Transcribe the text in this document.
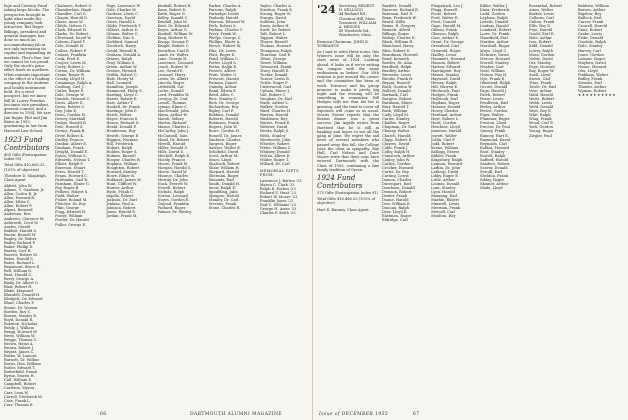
lege and Century Fund taking large blocks. The prospectus brought in light what made the young company look attractive. But Roger Billings, president and general manager, has done so much an accommodating job in our only increasing its capital and expanding its markets. That's fine, but we cannot be too proud. Only the stock's price effect leads us nowhere. What remains important is the effect of a leading company in the uniform and health instrument field. It's a vivid prospect, but we know Bill W. Lowry Prentiss becomes vice president, general counsel, and a director in 1954. We saw Jim Roger, Phil and Jim Bates in 1955, graduating in law from Harvard Law School.
1923 Fund Contributors
404 Gifts (Participation Index 95)
Total Gifts $10,680.32 (101% of objective)
Theodore D. Shapleigh, Class Agent
Abbott, John W.
Adams, C. Gardner, Jr.
Allen, Carlos B. Jr.
Allen, Howard B.
Allen, Miles C.
Allen, Robert P.
Alpert, Bernard
Andersen, Eric
Andrews, Clarence M.
Ashworth, Cecil W.
Austin, Gerald
Babbitt, Harold S.
Bacon, Russell W.
Bagley, Dr. Walter
Bailey, Richard P.
Baker, Phillip D.
Barber, Carl H.
Barrett, Robert M.
Bates, Harold S.
Bates, Richard L.
Beaumont, Bruce E.
Bell, William N.
Bent, Harold C.
Berry, George A.
Bixby, Dr. Albert G.
Blair, Robert H.
Blake, Maynard
Blaisdell, Donald H.
Blodgett, Dr. Edward
Blunt, Charles F.
Boone, Dr. Weston
Borden, Roy C.
Bowen, Stanley E.
Boyd, Donald R.
Boynton, Nicholas
Brady, J. William
Bragg, Howard W.
Bretz, William W.
Briggs, Thomas C.
Brown, Heins A.
Brown, Robert J.
Bryant, James C.
Burke, W. Lamont
Burnett, Dr. Wilbur
Burns, Hon. William
Butler, Edward T.
Butterfield, Frank
Byrne, Morris H.
Call, William E.
Campbell, Robert
Carleton, Myron
Carr, Leon W.
Carroll, Frederick M.
Case, Frank L.
Cary, Thomas E.
Chalmers, Robert O.
Chamberlain, Hugh
Chandler, Carl G.
Chapin, Harold D.
Chase, Anne W.
Childs, Nelson G.
Clark, Edward H.
Clarke, Dr. Robert
Cleveland, David W.
Coburn, David T.
Cole, Donald W.
Collins, Robert P.
Conant, Franklin
Cook, Fred E.
Cooper, Lewis M.
Corey, Robert L.
Cotton, Dr. William
Crane, Roger W.
Crosby, Lloyd H.
Cummings, Ralph A.
Cushing, Carl J.
Cutler, Roger E.
Dale, George W.
Daniels, Howard C.
Davis, Albert E.
Davis, Robert G.
Day, John E.
Dean, Gordon H.
Dewey, Marshall
Dodge, Harold R.
Dole, Russell S.
Downs, Frank B.
Drew, Robert K.
Dudley, Francis
Dunbar, Albert E.
Dunham, Frank
Dwight, Donald E.
Eaton, William S.
Edwards, Nelson T.
Elliott, Ralph P.
Emerson, Stuart
Estes, Harold T.
Evans, Howard C.
Fairbanks, Carl R.
Farnham, Elmer G.
Fay, Roger B.
Fellows, Robert S.
Field, Walter
Fisher, Roland M.
Fletcher, Dr. Roy
Flint, George
Fogg, Edward H.
Foster, William
Fowler, Dr. Harold
Fuller, George E.
Page, Lawrence W.
Gale, Charles W.
Gardner, Lewis C.
Garrison, David
Gates, Harold L.
Gibbs, Frederick T.
Gilbert, Arthur D.
Gilman, Walter C.
Glidden, Eric S.
Goddard, Samuel
Goodrich, Harry
Gould, Russell B.
Graham, Donald A.
Graves, Ralph
Gray, William S.
Green, Arthur W.
Greene, Howard
Griffin, Robert C.
Hale, Henry M.
Hall, Leonard
Hamilton, Joseph
Hammond, Philip S.
Harding, Lloyd C.
Harris, Robert E.
Hart, Arthur T.
Haskell, Dr. Frank
Hastings, John P.
Hatch, Walter
Hayes, Francis S.
Hazen, Richard D.
Heald, Donald P.
Henderson, Roy
Hewitt, George E.
Higgins, Norman
Hill, Frederick
Hobart, Ralph
Holden, Roger S.
Holmes, Russell
Hooper, Charles B.
Hopkins, William
Houghton, Robert
Howard, Stanley
Howe, Elmer R.
Hubbard, James M.
Hunt, Clifford W.
Hunter, Arthur
Hyde, Frank C.
Ingalls, Robert
Jackson, Dr. Earl
Jenkins, Paul A.
Johnson, Robert
Jones, Harold E.
Jordan, Frank M.
Kimball, Robert H.
Kane, Robert D.
Keith, Roger N.
Kelley, Donald C.
Kendall, John M.
Kent, Dr. Edward
Keyes, Arthur G.
Kimball, William W.
King, Herbert R.
Knapp, George P.
Knight, Robert C.
Knowlton, Carl R.
Lamb, Dr. Walter
Lane, George H.
Lawrence, Leonard
Leach, Robert W.
Lee, Gerald E.
Leonard, Harry
Lewis, Dr. Albert
Lincoln, Roger
Littlefield, Cal
Locke, Donald
Lord, Franklin W.
Lovejoy, Dr. Carl
Lowell, Thomas
Lyman, Elmer C.
MacDonald, John
Mann, Arthur W.
Marsh, Sidney
Martin, Richard
Mason, Charles L.
McCarthy, John J.
McConnell, Sam
Mead, Dr. Robert
Merrill, Harold
Miller, Donald G.
Mills, David D.
Mitchell, Ralph E.
Moody, Francis
Moore, Frank W.
Morgan, Harold S.
Morse, David W.
Munroe, Charles
Murray, Dr. John
Nash, Everett W.
Newell, Robert
Nichols, Ralph
Norton, Leonard
Noyes, Gordon E.
Osgood, Franklin
Packard, Roger
Palmer, Dr. Wesley
Parker, Charles A.
Parsons, Ralph
Partridge, Leslie
Peabody, Harold
Pearson, Edward W.
Peck, Robert S.
Perkins, Charles T.
Perry, Frank W.
Phelps, George C.
Phillips, Elmer A.
Pierce, Hubert W.
Pike, Dr. Lewis
Platt, Roger E.
Pond, William C.
Porter, Lloyd S.
Potter, Ralph E.
Powers, Albert
Pratt, Walter G.
Prescott, Harold
Putnam, Daniel
Quimby, Arthur
Rand, Edwin E.
Reed, Allen C.
Rice, Stanley C.
Rich, Dr. George
Richardson, Roy
Ripley, Carl P.
Robbins, Donald
Roberts, Harold
Robinson, Frank
Rogers, John W.
Rowe, Gordon H.
Russell, Dr. James
Sanborn, Charles
Sargent, Roger
Sawyer, Walter E.
Schofield, David
Scott, Arthur M.
Sears, Lloyd
Shattuck, Robert
Shaw, William H.
Shepard, Harold
Sherman, Roger
Simonds, Earl
Smith, Donald H.
Snow, Ralph E.
Spaulding, John
Sprague, Harold
Stanley, Dr. Carl
Stevens, Frank
Stone, Charles R.
Taylor, Charles A.
Stratton, Frank E.
Strong, Roger W.
Sturgis, David
Sullivan, John
Swan, Arthur H.
Swift, Dr. Robert
Taft, Robert L.
Tappan, Walter
Thayer, Russell
Thomas, Howard
Thompson, Ralph
Thurston, Carl E.
Tilton, George
Tower, William
Townsend, Frank
Tracy, Harold E.
Tucker, Donald
Turner, Lewis B.
Tuttle, Roger P.
Underwood, Carl
Upham, Elmer J.
Vail, Robert C.
Vaughan, Dr. Earl
Wade, Arthur L.
Walker, Gordon
Ward, Charles H.
Warren, Harold
Washburn, Roy
Waters, Frank E.
Webster, David
Weeks, Ralph S.
Wells, Stanley
Wentworth, John
Wheeler, Robert
White, William C.
Whitney, Donald
Wilcox, Albert E.
Wilder, Roger T.
Willard, Dr. Carl
MEMORIAL GIFTS FROM:
Lawrence J. Barton '23
Myron C. Clark '23
Ralph E. Forbes '23
Richard S. Hunt '23
Robert W. Moore '23
Franklin Jones '23
Earl C. Williams '23
George H. Ames '23
Charles F. Keith '23
66	DARTMOUTH ALUMNI MAGAZINE
'24 Secretary, ERNEST H. KELLOGG
44 Rutland Rd., Chestnut Hill, Mass.
Treasurer, WILLIAM A. HEDGES
49 Woodside Rd., Winchester, Mass.
Reunion Chairman, JOHN K. TORRANCE
As I said to write these notes, this Winter's issue will be only the class news of 1924. Looking ahead, it looks as if we're setting the campus with the same enthusiasm as before. Our 35th reunion is just around the corner and the committee has been at work. Torrance and his group promise to make it pretty big night and the evening will be something to remember. Bill Hedges tells me that his list is growing, and the fund to cover all expenses will come in as usual. Morris Sterne reports that the Boston dinner was a great success. Jim Ingalls writes from Hartford that he is still in banking and hopes to see all the gang in June. We regret the sad news of several members who passed away this fall; the College joins the class in sympathy. Ray Hall, Carl Nelson and Dave Moore write that their sons have entered Dartmouth with the Class of 1959, continuing a fine family tradition of Green.
1924 Fund Contributors
375 Gifts (Participation Index 91)
Total Gifts $16,486.53 (105% of objective)
Hart E. Ranney, Class Agent
Bartlett, Donald
Barrows, Richard R.
Bateman, Earl D.
Bean, Frederick W.
Beard, Willis
Bemis, R. Gregory
Bennett, Alfred
Billings, Roger
Bishop, Charles E.
Black, William H.
Blanchard, Harry
Bliss, Robert D.
Boardman, Howard
Bond, Kenneth
Bowles, Dr. Alan
Bradford, Ralph
Bradley, Arthur
Brewster, Lewis
Brooks, Frank H.
Bryant, Russell
Buck, Gordon W.
Bullard, Donald
Burbank, Carl
Burgess, Robert
Burnham, Elmer
Burr, Harold T.
Bush, William
Cady, Lloyd M.
Carter, Stanley
Chaffee, Roger
Chapman, Dr. Earl
Cheney, Walter
Church, Harold
Clapp, Robert E.
Cleaves, David
Cobb, Frank J.
Colby, Ralph H.
Comstock, Arthur
Conley, John W.
Corliss, Gordon
Crocker, Howard
Curtis, Dr. Roy
Cutting, Lewis
Damon, Charles
Davenport, Earl
Dearborn, Donald
Denison, Robert
Dexter, Frank
Doane, Harold
Dow, William E.
Duncan, Ralph
Dyer, Lloyd E.
Eastman, Roger
Eldridge, Carl
Fitzpatrick, Leo J.
Flagg, Russell
Foote, Robert
Ford, Walter E.
Frost, Donald
Gage, Harold M.
Gibson, Frank
Gleason, Ralph
Goss, Arthur E.
Grant, Dr. George
Greenleaf, Carl
Griswold, Roger
Hadley, Lewis
Hammett, Howard
Hanson, Robert
Harlow, Edward
Harrington, Roy
Hawes, Stanley
Hayward, David
Hersey, Ralph
Hill, Warren E.
Hitchcock, Paul
Hodges, Frank
Holbrook, Earl
Hopkins, Roger
Hosmer, Donald
Hovey, Charles
Howland, Arthur
Hoyt, Robert L.
Hurd, Gordon
Hutchins, Lloyd
Jameson, Harold
Jewett, Walter
Joslin, Carl P.
Judd, Robert
Keene, William
Kellogg, Ernest
Kidder, Frank
Kingsbury, Ralph
Lamson, Howard
Larkin, Dr. John
Lathrop, David
Libby, Roger E.
Little, Arthur
Loomis, Donald
Lunt, Stanley
Lyon, Harold
Manning, Earl
Marble, Robert
Maxwell, Lewis
Merriam, Frank
Metcalf, Carl
Moulton, Roy
Kibbe, Walter J.
Knox, Frederick
Ladd, Gordon
Lapham, Ralph
Leavitt, Donald
Lindsay, Harold
Lombard, Robert
Lowe, Dr. Frank
Mansfield, Earl
Marden, Arthur
Marshall, Roger
Mayo, Lloyd C.
McIntire, David
Mercer, Howard
Morrill, Stanley
Mosher, Carl
Neal, William
Nelson, Roy H.
Nye, Frank E.
Olmstead, Ralph
Orcutt, Donald
Page, Harold J.
Patch, Robert
Pease, Lewis
Pendleton, Earl
Perley, Arthur
Pettee, Gordon
Piper, Walter
Plummer, Roger
Preston, Lloyd
Proctor, Dr. Paul
Quincy, Frank
Ranney, Hart E.
Raymond, David
Reynolds, Carl
Rollins, Howard
Root, Stanley
Rowell, Ralph
Safford, Harold
Sanders, Robert
Seaver, Donald
Sewall, Earl
Sheldon, Frank
Sibley, Roger
Skinner, Arthur
Slade, Lloyd
Rosenthal, Robert
Ames, Walter
Barker, Lewis
Colburn, Carl
Dalton, Frank
Ellis, Roy D.
Frye, Harold
Gould, Earl E.
Hale, Arthur
Ives, Robert
Kidd, Donald
Lowry, Ralph
Moss, Gordon
Noble, David
Orr, Stanley
Pope, Howard
Ray, Roger W.
Snell, Lloyd
Stowe, Carl
Titus, Frank
Towle, Dr. Earl
Vose, Arthur
Wald, Harold
Watts, Robert
Webb, Lewis
Weld, Donald
West, Roy E.
Whit, Ralph
Wing, Frank
Wood, Carl E.
York, Gordon
Young, Roger
Ziegler, Paul
Baldwin, William
Barnes, Arthur
Bigelow, Roy
Bullock, Earl
Carver, Frank
Crowell, Harold
Dana, Robert
Drake, Lewis
Fiske, Donald
Goodale, Ralph
Hale, Stanley
Harvey, Carl
Jones, Gordon
Lamont, Roger
Mayhew, David
Nason, Howard
Otis, Lloyd
Pinkham, Walter
Ridley, Frank
Stearns, Earl
Thaxter, Arthur
Wyman, Robert
★★★★★★★★★★
Issue of DECEMBER 1955	67
